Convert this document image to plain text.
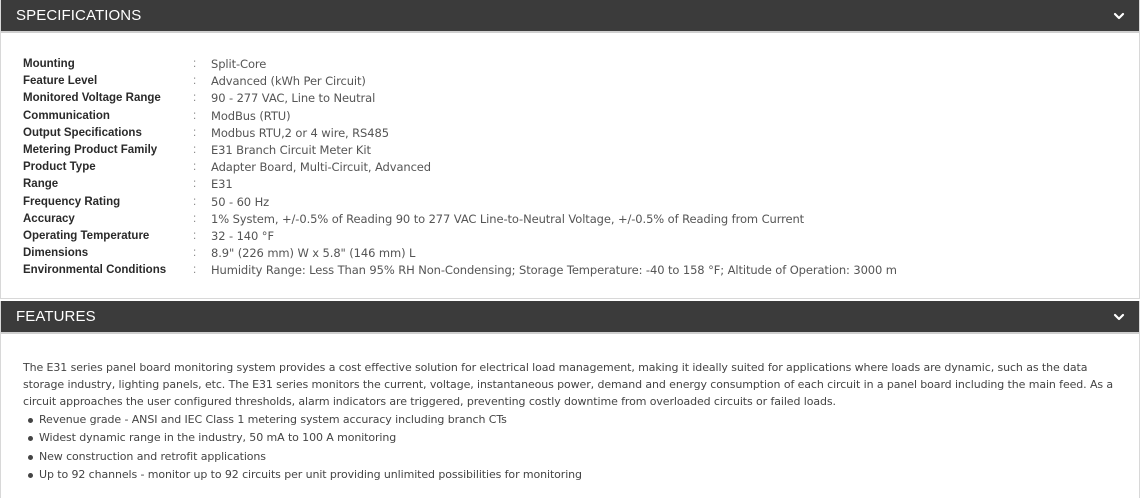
SPECIFICATIONS
Mounting	:	Split-Core
Feature Level	:	Advanced (kWh Per Circuit)
Monitored Voltage Range	:	90 - 277 VAC, Line to Neutral
Communication	:	ModBus (RTU)
Output Specifications	:	Modbus RTU,2 or 4 wire, RS485
Metering Product Family	:	E31 Branch Circuit Meter Kit
Product Type	:	Adapter Board, Multi-Circuit, Advanced
Range	:	E31
Frequency Rating	:	50 - 60 Hz
Accuracy	:	1% System, +/-0.5% of Reading 90 to 277 VAC Line-to-Neutral Voltage, +/-0.5% of Reading from Current
Operating Temperature	:	32 - 140 °F
Dimensions	:	8.9" (226 mm) W x 5.8" (146 mm) L
Environmental Conditions	:	Humidity Range: Less Than 95% RH Non-Condensing; Storage Temperature: -40 to 158 °F; Altitude of Operation: 3000 m
FEATURES

The E31 series panel board monitoring system provides a cost effective solution for electrical load management, making it ideally suited for applications where loads are dynamic, such as the data storage industry, lighting panels, etc. The E31 series monitors the current, voltage, instantaneous power, demand and energy consumption of each circuit in a panel board including the main feed. As a circuit approaches the user configured thresholds, alarm indicators are triggered, preventing costly downtime from overloaded circuits or failed loads.

Revenue grade - ANSI and IEC Class 1 metering system accuracy including branch CTs
Widest dynamic range in the industry, 50 mA to 100 A monitoring
New construction and retrofit applications
Up to 92 channels - monitor up to 92 circuits per unit providing unlimited possibilities for monitoring
